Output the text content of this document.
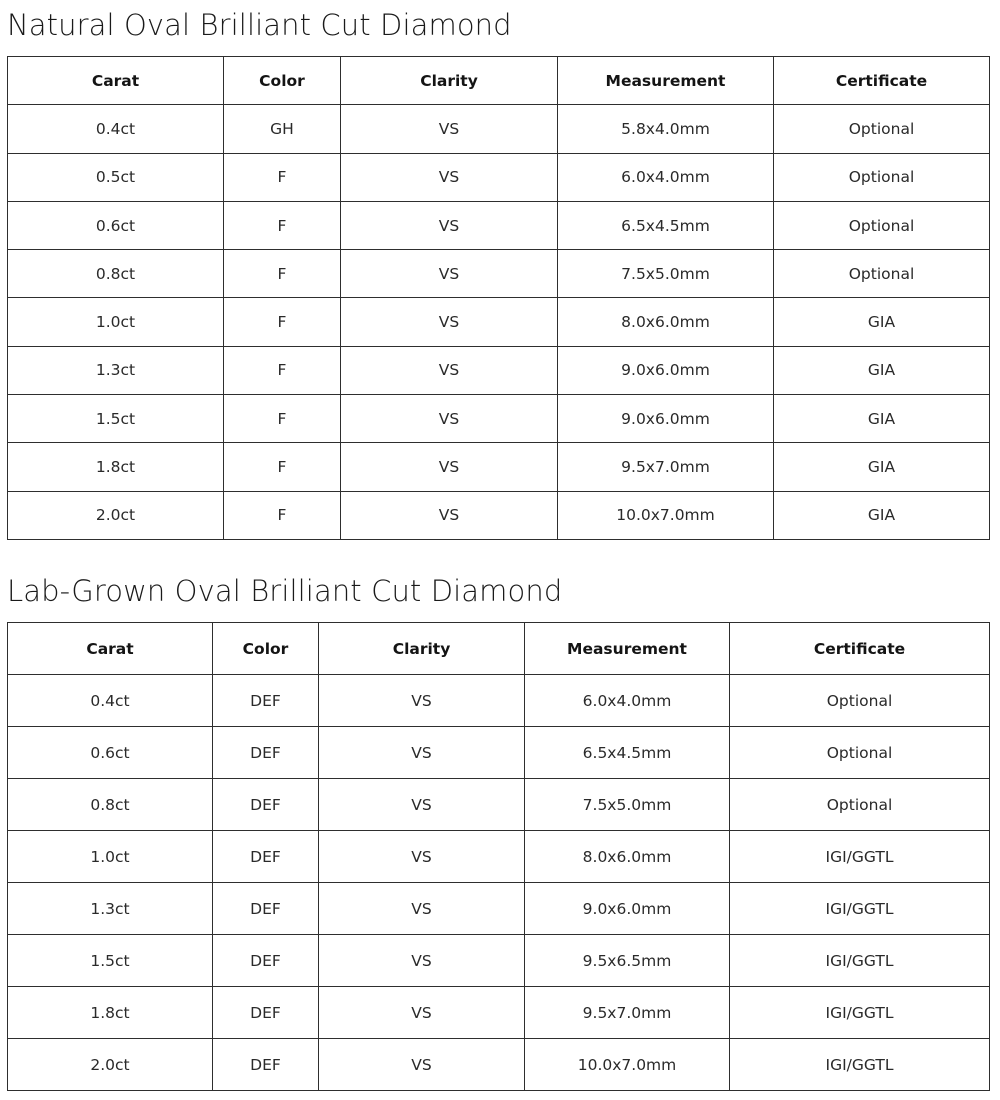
Natural Oval Brilliant Cut Diamond
Carat	Color	Clarity	Measurement	Certificate
0.4ct	GH	VS	5.8x4.0mm	Optional
0.5ct	F	VS	6.0x4.0mm	Optional
0.6ct	F	VS	6.5x4.5mm	Optional
0.8ct	F	VS	7.5x5.0mm	Optional
1.0ct	F	VS	8.0x6.0mm	GIA
1.3ct	F	VS	9.0x6.0mm	GIA
1.5ct	F	VS	9.0x6.0mm	GIA
1.8ct	F	VS	9.5x7.0mm	GIA
2.0ct	F	VS	10.0x7.0mm	GIA
Lab-Grown Oval Brilliant Cut Diamond
Carat	Color	Clarity	Measurement	Certificate
0.4ct	DEF	VS	6.0x4.0mm	Optional
0.6ct	DEF	VS	6.5x4.5mm	Optional
0.8ct	DEF	VS	7.5x5.0mm	Optional
1.0ct	DEF	VS	8.0x6.0mm	IGI/GGTL
1.3ct	DEF	VS	9.0x6.0mm	IGI/GGTL
1.5ct	DEF	VS	9.5x6.5mm	IGI/GGTL
1.8ct	DEF	VS	9.5x7.0mm	IGI/GGTL
2.0ct	DEF	VS	10.0x7.0mm	IGI/GGTL
